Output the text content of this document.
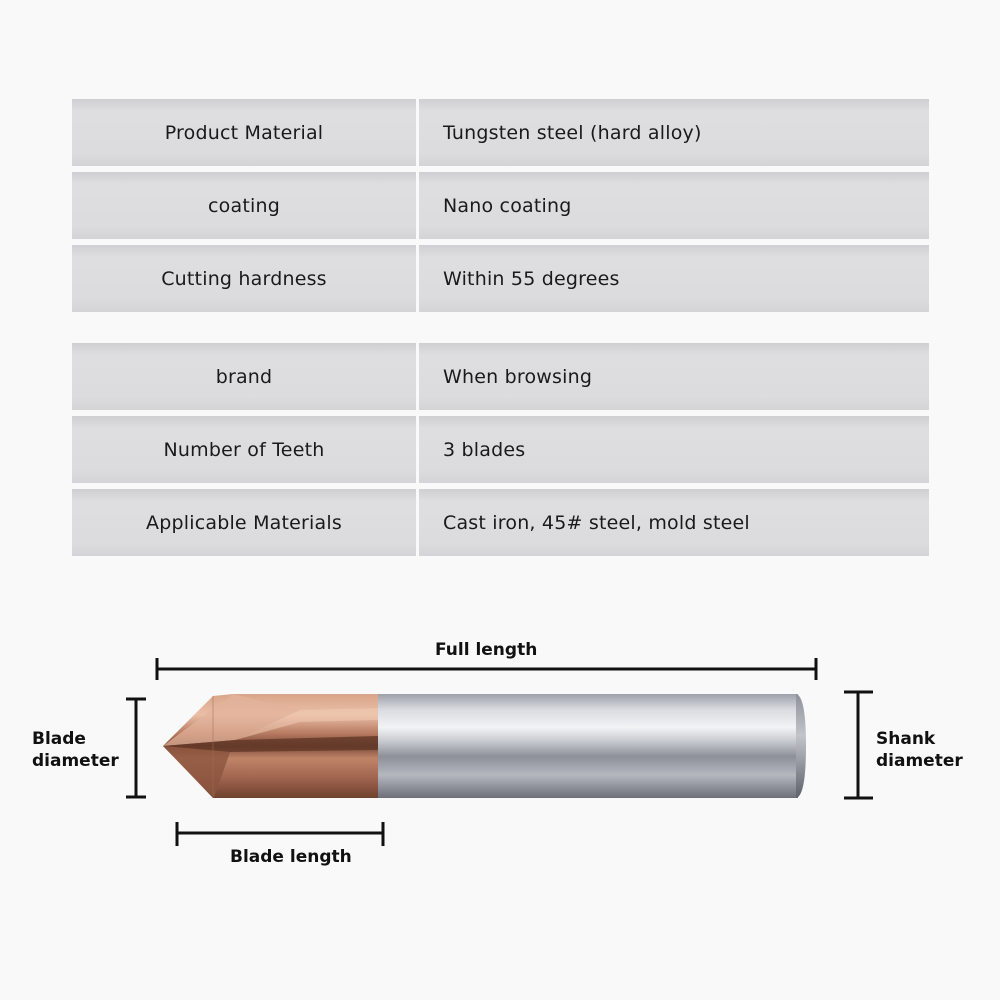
Product Material	Tungsten steel (hard alloy)
coating	Nano coating
Cutting hardness	Within 55 degrees
brand	When browsing
Number of Teeth	3 blades
Applicable Materials	Cast iron, 45# steel, mold steel
Full length
Blade
diameter
Shank
diameter
Blade length
